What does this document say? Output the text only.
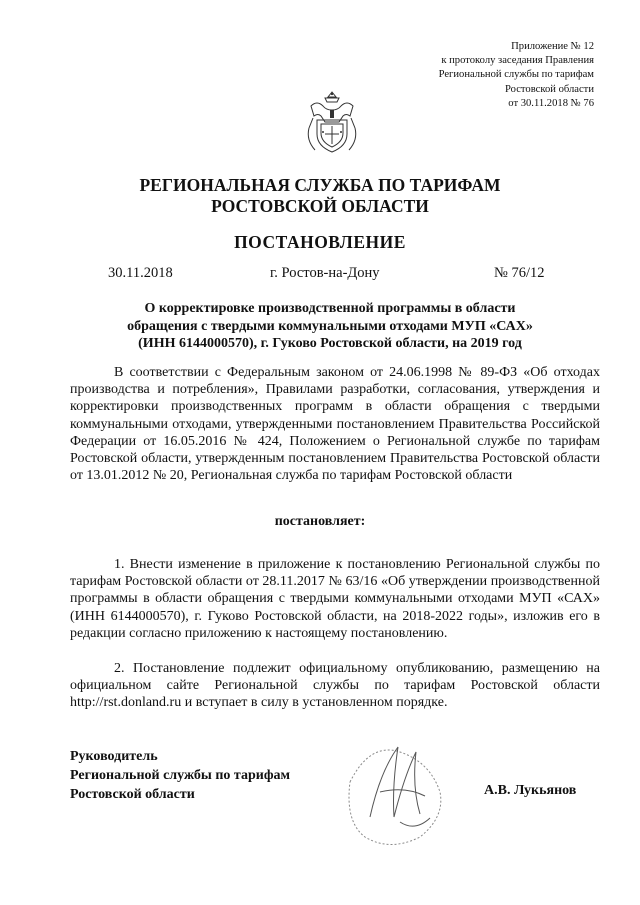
Приложение № 12
к протоколу заседания Правления
Региональной службы по тарифам
Ростовской области
от 30.11.2018 № 76
РЕГИОНАЛЬНАЯ СЛУЖБА ПО ТАРИФАМ
РОСТОВСКОЙ ОБЛАСТИ
ПОСТАНОВЛЕНИЕ
30.11.2018	г. Ростов-на-Дону	№ 76/12
О корректировке производственной программы в области
обращения с твердыми коммунальными отходами МУП «САХ»
(ИНН 6144000570), г. Гуково Ростовской области, на 2019 год
В соответствии с Федеральным законом от 24.06.1998 № 89-ФЗ «Об отходах производства и потребления», Правилами разработки, согласования, утверждения и корректировки производственных программ в области обращения с твердыми коммунальными отходами, утвержденными постановлением Правительства Российской Федерации от 16.05.2016 № 424, Положением о Региональной службе по тарифам Ростовской области, утвержденным постановлением Правительства Ростовской области от 13.01.2012 № 20, Региональная служба по тарифам Ростовской области
постановляет:
1. Внести изменение в приложение к постановлению Региональной службы по тарифам Ростовской области от 28.11.2017 № 63/16 «Об утверждении производственной программы в области обращения с твердыми коммунальными отходами МУП «САХ» (ИНН 6144000570), г. Гуково Ростовской области, на 2018-2022 годы», изложив его в редакции согласно приложению к настоящему постановлению.
2. Постановление подлежит официальному опубликованию, размещению на официальном сайте Региональной службы по тарифам Ростовской области http://rst.donland.ru и вступает в силу в установленном порядке.
Руководитель
Региональной службы по тарифам
Ростовской области	А.В. Лукьянов
